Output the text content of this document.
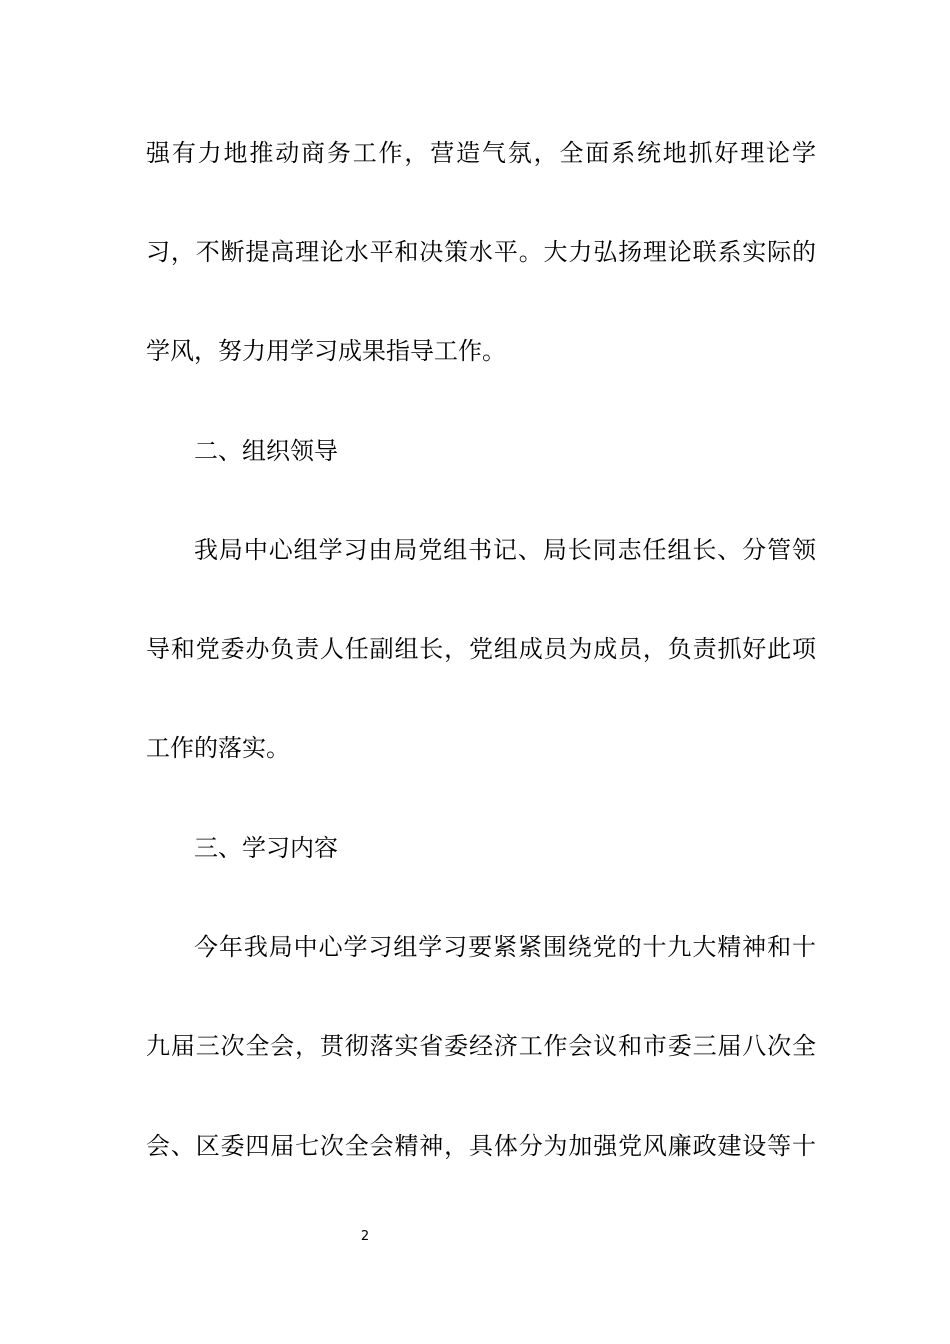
强有力地推动商务工作，营造气氛，全面系统地抓好理论学
习，不断提高理论水平和决策水平。大力弘扬理论联系实际的
学风，努力用学习成果指导工作。
二、组织领导
我局中心组学习由局党组书记、局长同志任组长、分管领
导和党委办负责人任副组长，党组成员为成员，负责抓好此项
工作的落实。
三、学习内容
今年我局中心学习组学习要紧紧围绕党的十九大精神和十
九届三次全会，贯彻落实省委经济工作会议和市委三届八次全
会、区委四届七次全会精神，具体分为加强党风廉政建设等十
2
